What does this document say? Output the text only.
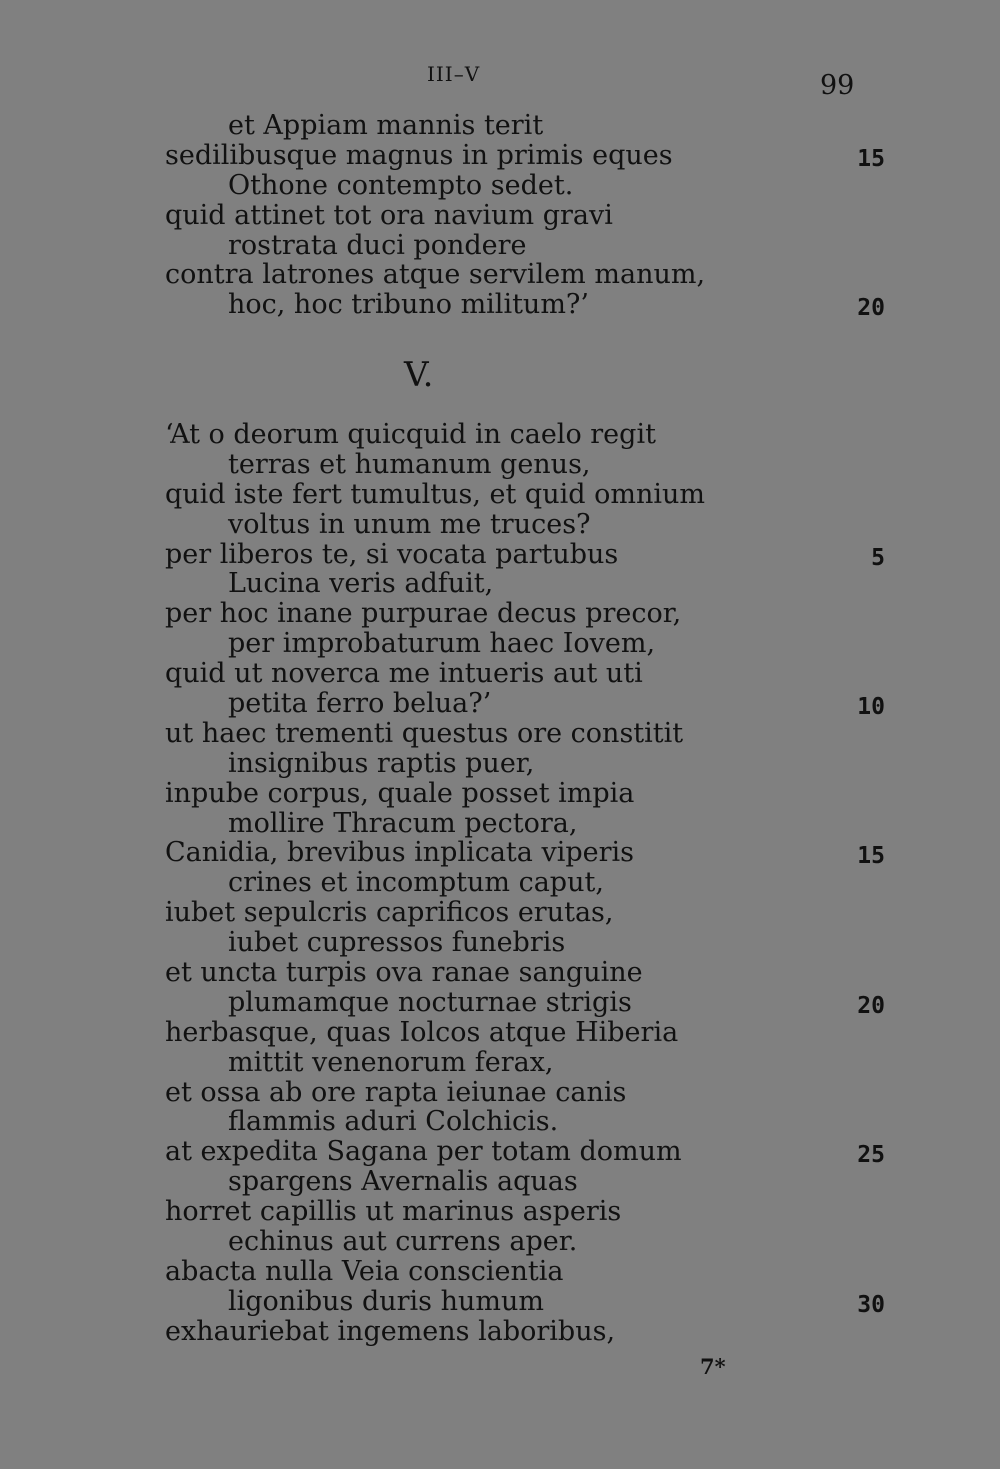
III–V	99
et Appiam mannis terit
sedilibusque magnus in primis eques	15
Othone contempto sedet.
quid attinet tot ora navium gravi
rostrata duci pondere
contra latrones atque servilem manum,
hoc, hoc tribuno militum?’	20
V.
‘At o deorum quicquid in caelo regit
terras et humanum genus,
quid iste fert tumultus, et quid omnium
voltus in unum me truces?
per liberos te, si vocata partubus	5
Lucina veris adfuit,
per hoc inane purpurae decus precor,
per improbaturum haec Iovem,
quid ut noverca me intueris aut uti
petita ferro belua?’	10
ut haec trementi questus ore constitit
insignibus raptis puer,
inpube corpus, quale posset impia
mollire Thracum pectora,
Canidia, brevibus inplicata viperis	15
crines et incomptum caput,
iubet sepulcris caprificos erutas,
iubet cupressos funebris
et uncta turpis ova ranae sanguine
plumamque nocturnae strigis	20
herbasque, quas Iolcos atque Hiberia
mittit venenorum ferax,
et ossa ab ore rapta ieiunae canis
flammis aduri Colchicis.
at expedita Sagana per totam domum	25
spargens Avernalis aquas
horret capillis ut marinus asperis
echinus aut currens aper.
abacta nulla Veia conscientia
ligonibus duris humum	30
exhauriebat ingemens laboribus,
7*
